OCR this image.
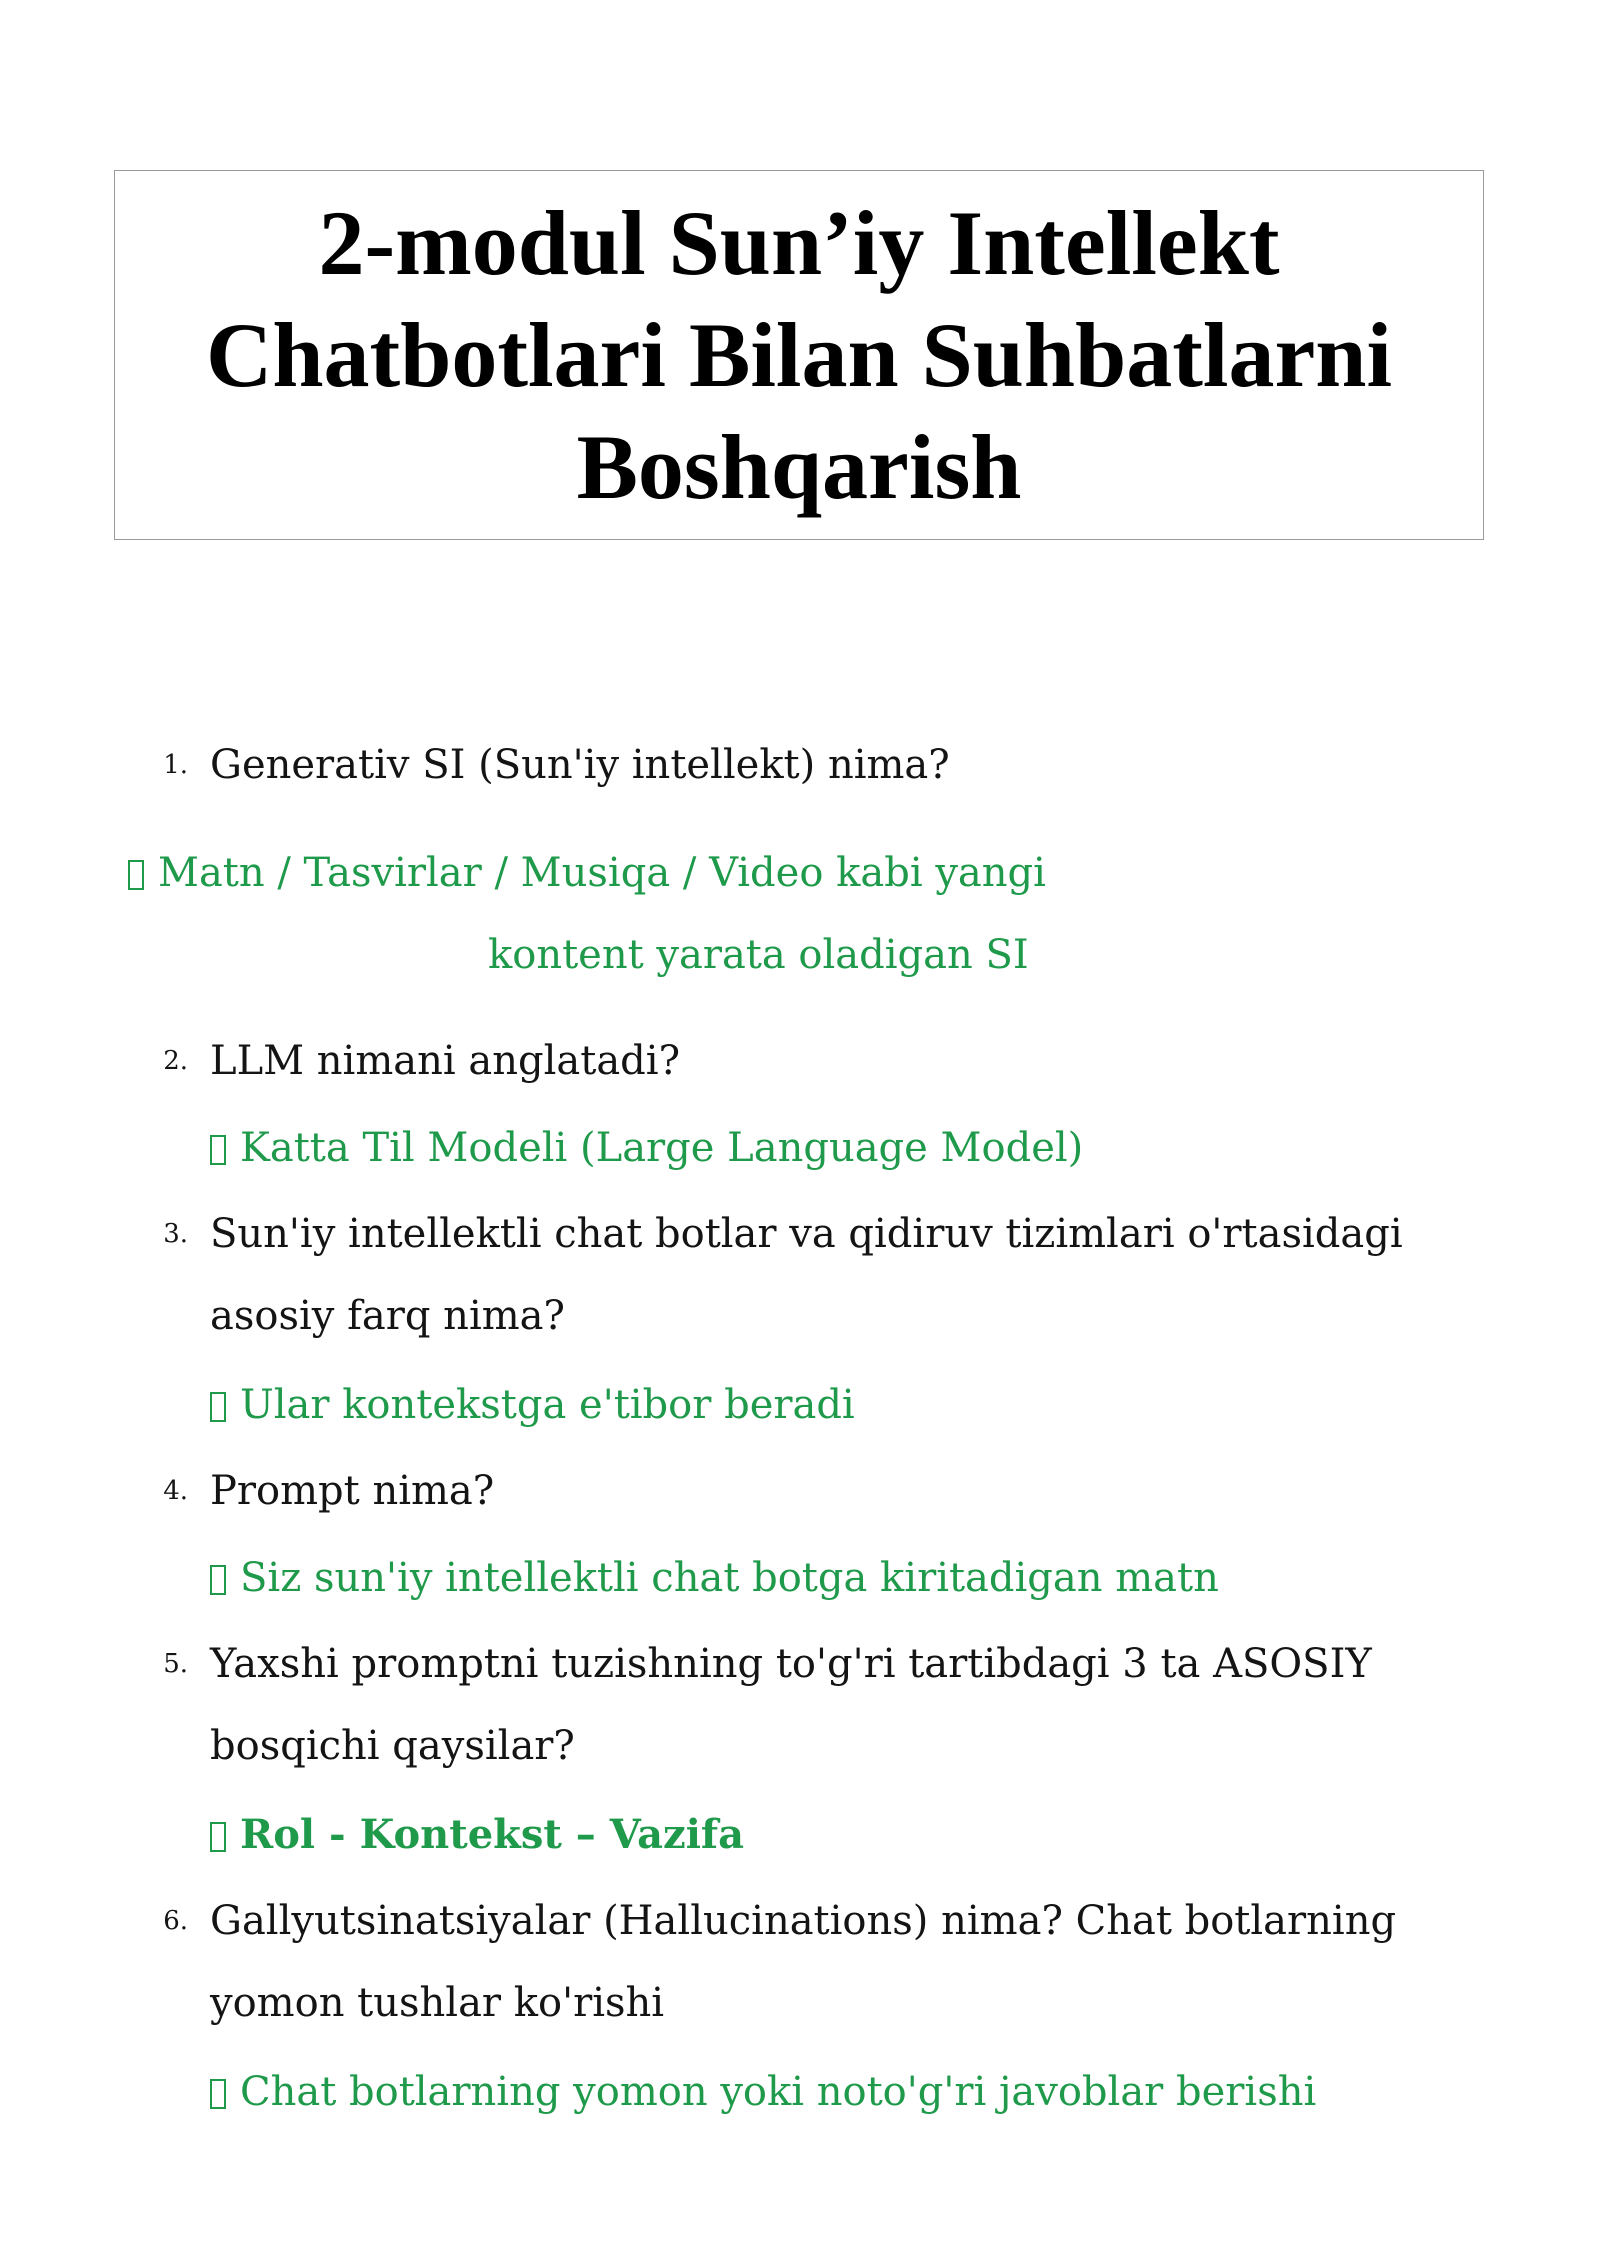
2-modul Sun’iy Intellekt Chatbotlari Bilan Suhbatlarni Boshqarish
1. Generativ SI (Sun'iy intellekt) nima?
Matn / Tasvirlar / Musiqa / Video kabi yangi
kontent yarata oladigan SI
2. LLM nimani anglatadi?
Katta Til Modeli (Large Language Model)
3. Sun'iy intellektli chat botlar va qidiruv tizimlari o'rtasidagi asosiy farq nima?
Ular kontekstga e'tibor beradi
4. Prompt nima?
Siz sun'iy intellektli chat botga kiritadigan matn
5. Yaxshi promptni tuzishning to'g'ri tartibdagi 3 ta ASOSIY bosqichi qaysilar?
Rol - Kontekst – Vazifa
6. Gallyutsinatsiyalar (Hallucinations) nima? Chat botlarning yomon tushlar ko'rishi
Chat botlarning yomon yoki noto'g'ri javoblar berishi
